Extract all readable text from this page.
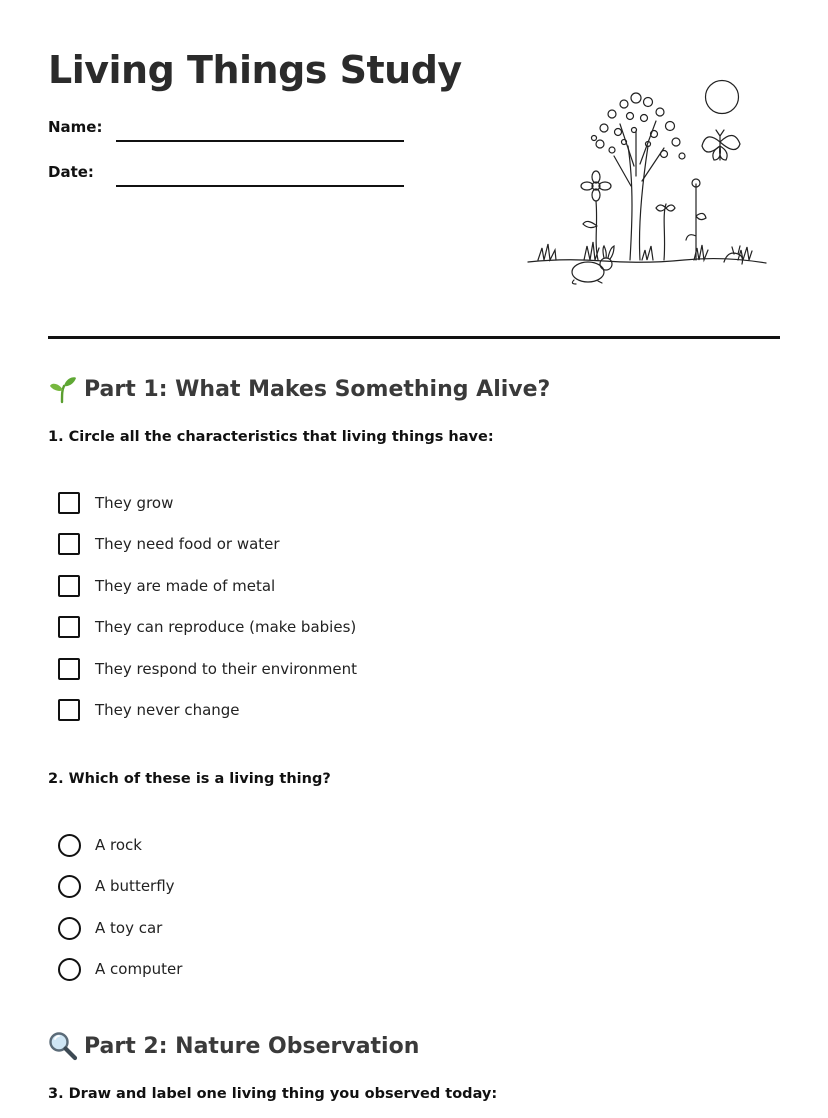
Living Things Study
Name:
Date:
Part 1: What Makes Something Alive?
1. Circle all the characteristics that living things have:
They grow
They need food or water
They are made of metal
They can reproduce (make babies)
They respond to their environment
They never change
2. Which of these is a living thing?
A rock
A butterfly
A toy car
A computer
Part 2: Nature Observation
3. Draw and label one living thing you observed today:
